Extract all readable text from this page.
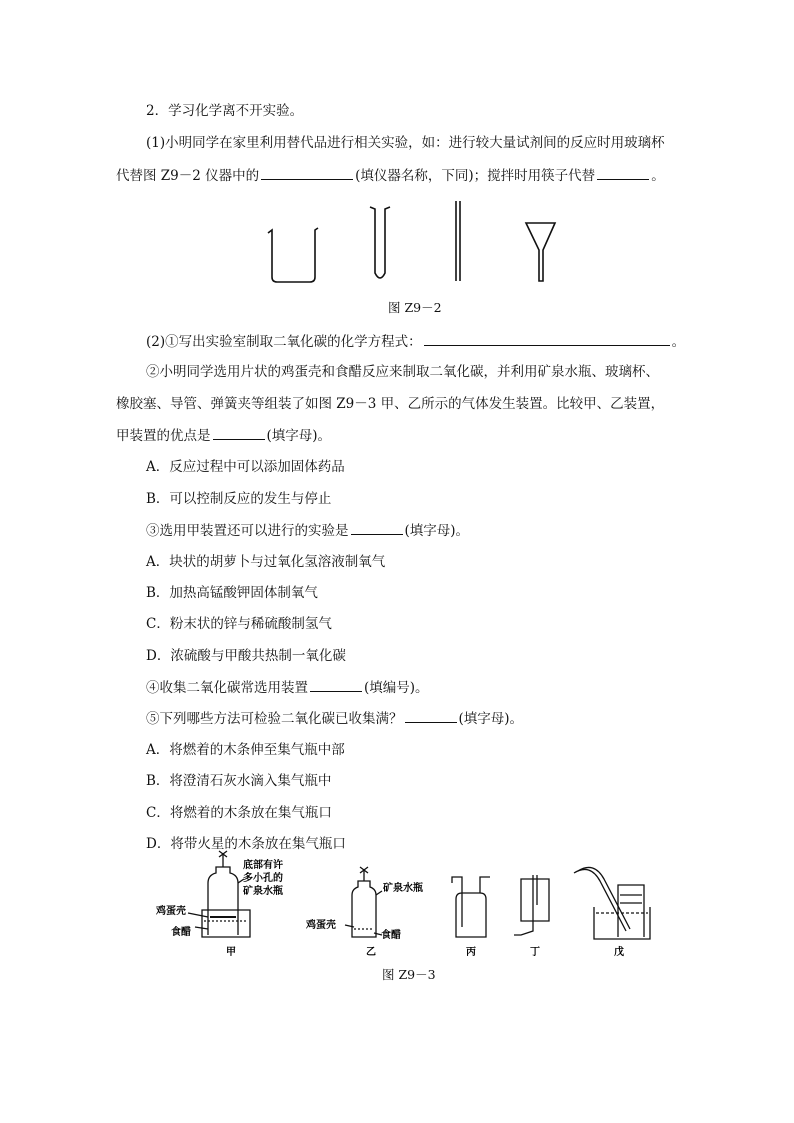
2．学习化学离不开实验。
(1)小明同学在家里利用替代品进行相关实验，如：进行较大量试剂间的反应时用玻璃杯
代替图 Z9－2 仪器中的	(填仪器名称，下同)；搅拌时用筷子代替	。
图 Z9－2
(2)①写出实验室制取二氧化碳的化学方程式：	。
②小明同学选用片状的鸡蛋壳和食醋反应来制取二氧化碳，并利用矿泉水瓶、玻璃杯、
橡胶塞、导管、弹簧夹等组装了如图 Z9－3 甲、乙所示的气体发生装置。比较甲、乙装置，
甲装置的优点是	(填字母)。
A．反应过程中可以添加固体药品
B．可以控制反应的发生与停止
③选用甲装置还可以进行的实验是	(填字母)。
A．块状的胡萝卜与过氧化氢溶液制氧气
B．加热高锰酸钾固体制氧气
C．粉末状的锌与稀硫酸制氢气
D．浓硫酸与甲酸共热制一氧化碳
④收集二氧化碳常选用装置	(填编号)。
⑤下列哪些方法可检验二氧化碳已收集满？	(填字母)。
A．将燃着的木条伸至集气瓶中部
B．将澄清石灰水滴入集气瓶中
C．将燃着的木条放在集气瓶口
D．将带火星的木条放在集气瓶口
底部有许
多小孔的
矿泉水瓶
鸡蛋壳
食醋
甲
矿泉水瓶
鸡蛋壳
食醋
乙	丙	丁	戊
图 Z9－3
